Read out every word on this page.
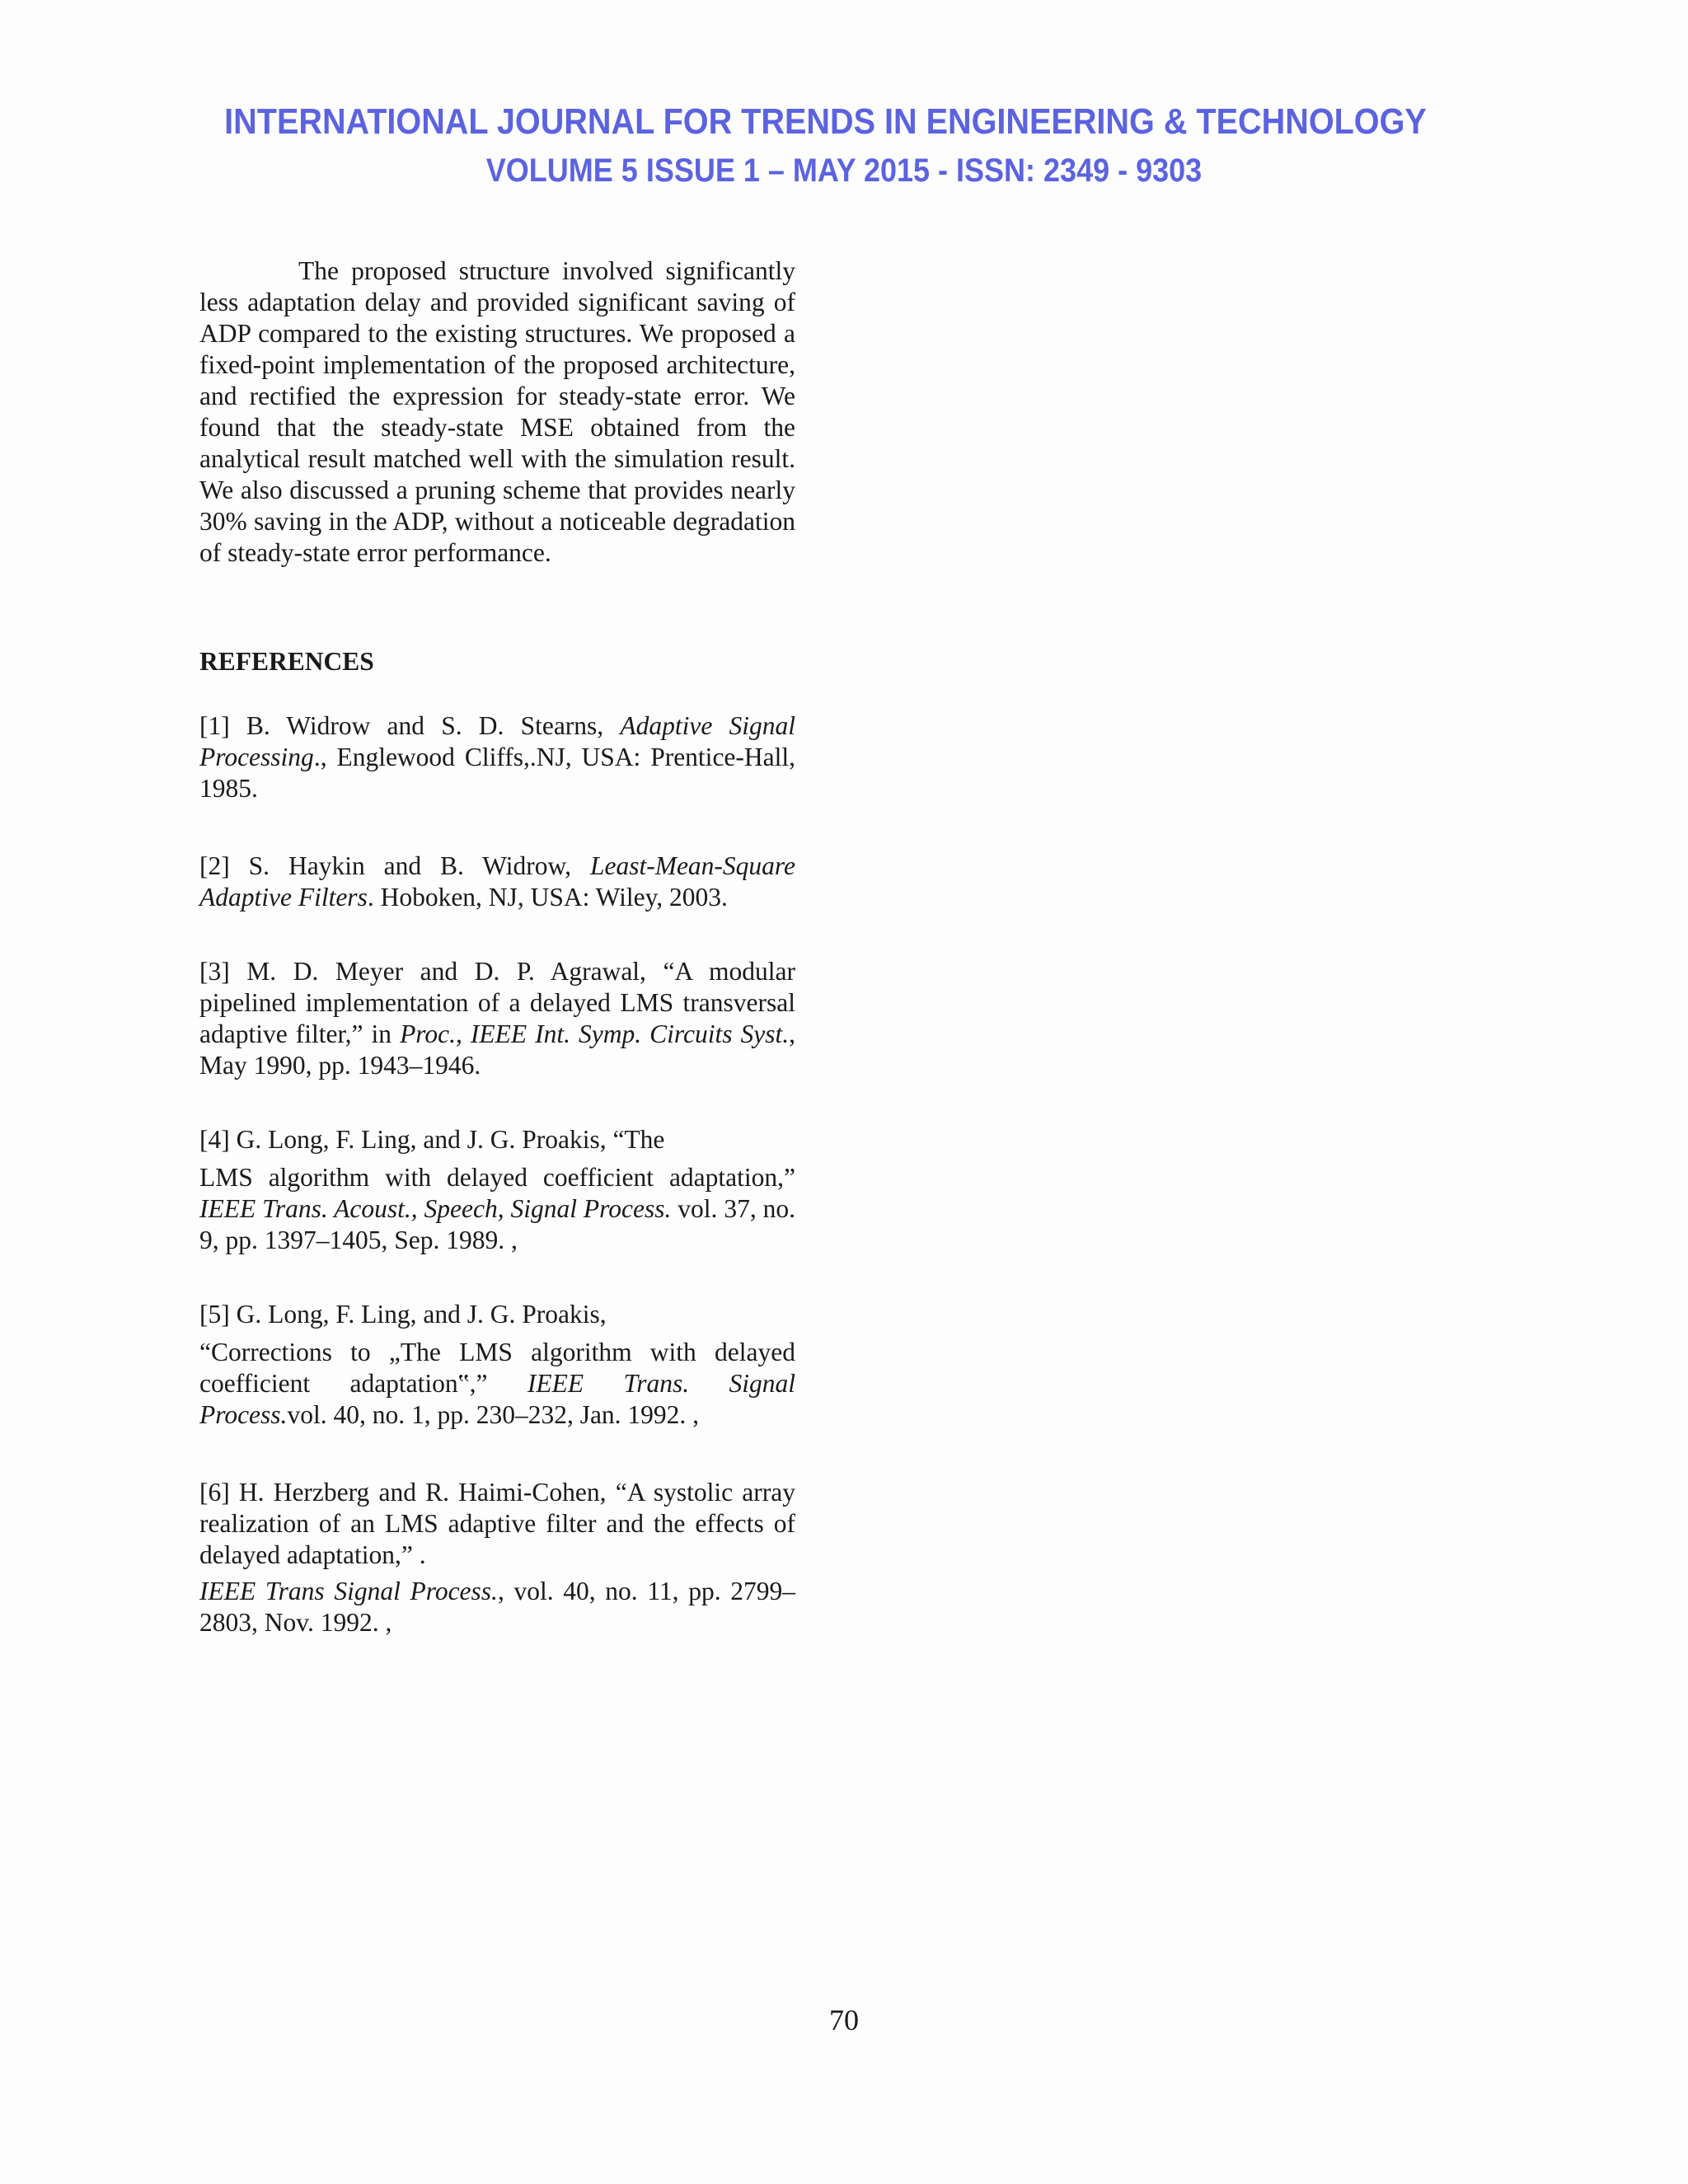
INTERNATIONAL JOURNAL FOR TRENDS IN ENGINEERING & TECHNOLOGY
VOLUME 5 ISSUE 1 – MAY 2015 - ISSN: 2349 - 9303

The proposed structure involved significantly less adaptation delay and provided significant saving of ADP compared to the existing structures. We proposed a fixed-point implementation of the proposed architecture, and rectified the expression for steady-state error. We found that the steady-state MSE obtained from the analytical result matched well with the simulation result. We also discussed a pruning scheme that provides nearly 30% saving in the ADP, without a noticeable degradation of steady-state error performance.

REFERENCES

[1] B. Widrow and S. D. Stearns, Adaptive Signal Processing., Englewood Cliffs,.NJ, USA: Prentice-Hall, 1985.

[2] S. Haykin and B. Widrow, Least-Mean-Square Adaptive Filters. Hoboken, NJ, USA: Wiley, 2003.

[3] M. D. Meyer and D. P. Agrawal, “A modular pipelined implementation of a delayed LMS transversal adaptive filter,” in Proc., IEEE Int. Symp. Circuits Syst., May 1990, pp. 1943–1946.

[4] G. Long, F. Ling, and J. G. Proakis, “The
LMS algorithm with delayed coefficient adaptation,” IEEE Trans. Acoust., Speech, Signal Process. vol. 37, no. 9, pp. 1397–1405, Sep. 1989. ,

[5] G. Long, F. Ling, and J. G. Proakis,
“Corrections to „The LMS algorithm with delayed coefficient adaptation‟,” IEEE Trans. Signal Process.vol. 40, no. 1, pp. 230–232, Jan. 1992. ,

[6] H. Herzberg and R. Haimi-Cohen, “A systolic array realization of an LMS adaptive filter and the effects of delayed adaptation,” .
IEEE Trans Signal Process., vol. 40, no. 11, pp. 2799–2803, Nov. 1992. ,

70
